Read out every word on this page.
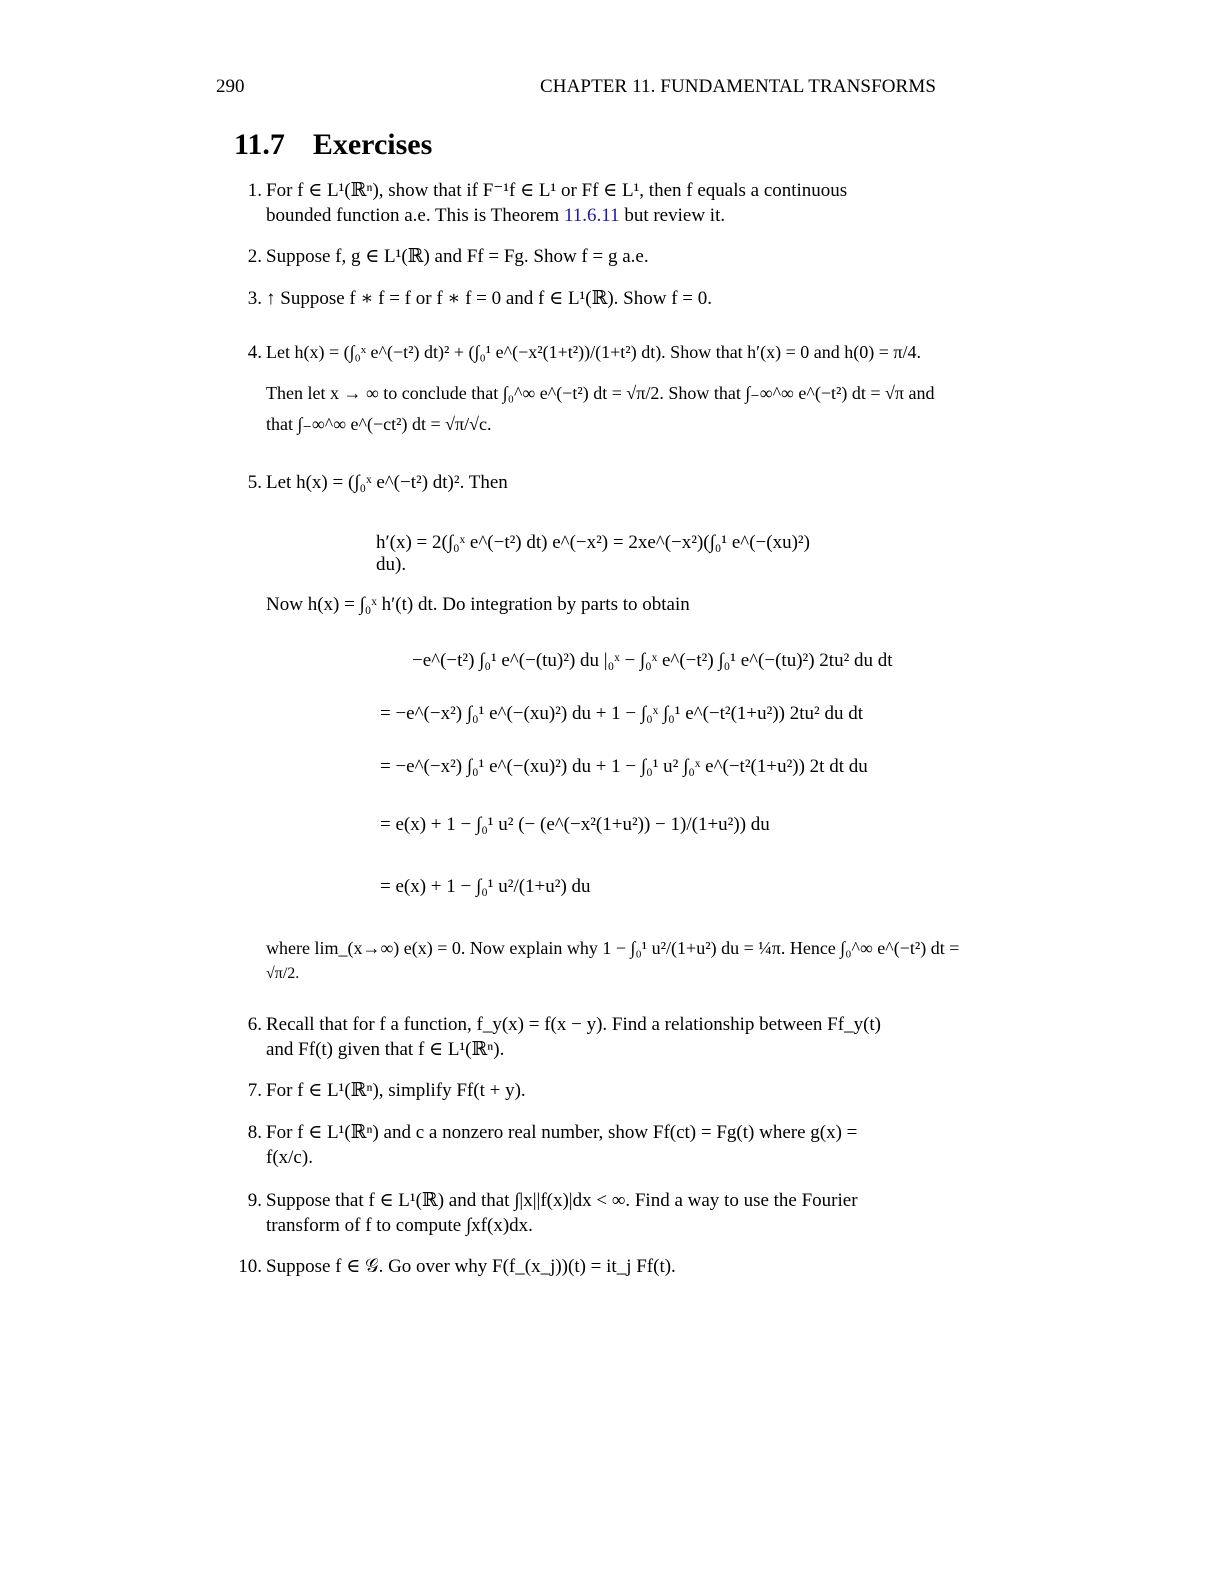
290	CHAPTER 11. FUNDAMENTAL TRANSFORMS
11.7 Exercises
1. For f ∈ L¹(ℝⁿ), show that if F⁻¹f ∈ L¹ or Ff ∈ L¹, then f equals a continuous
bounded function a.e. This is Theorem 11.6.11 but review it.
2. Suppose f, g ∈ L¹(ℝ) and Ff = Fg. Show f = g a.e.
3. ↑ Suppose f ∗ f = f or f ∗ f = 0 and f ∈ L¹(ℝ). Show f = 0.
4. Let h(x) = (∫₀ˣ e^(−t²) dt)² + (∫₀¹ e^(−x²(1+t²))/(1+t²) dt). Show that h′(x) = 0 and h(0) = π/4.
Then let x → ∞ to conclude that ∫₀^∞ e^(−t²) dt = √π/2. Show that ∫₋∞^∞ e^(−t²) dt = √π and
that ∫₋∞^∞ e^(−ct²) dt = √π/√c.
5. Let h(x) = (∫₀ˣ e^(−t²) dt)². Then
h′(x) = 2(∫₀ˣ e^(−t²) dt) e^(−x²) = 2xe^(−x²)(∫₀¹ e^(−(xu)²) du).
Now h(x) = ∫₀ˣ h′(t) dt. Do integration by parts to obtain
−e^(−t²) ∫₀¹ e^(−(tu)²) du |₀ˣ − ∫₀ˣ e^(−t²) ∫₀¹ e^(−(tu)²) 2tu² du dt
= −e^(−x²) ∫₀¹ e^(−(xu)²) du + 1 − ∫₀ˣ ∫₀¹ e^(−t²(1+u²)) 2tu² du dt
= −e^(−x²) ∫₀¹ e^(−(xu)²) du + 1 − ∫₀¹ u² ∫₀ˣ e^(−t²(1+u²)) 2t dt du
= e(x) + 1 − ∫₀¹ u² (− (e^(−x²(1+u²)) − 1)/(1+u²)) du
= e(x) + 1 − ∫₀¹ u²/(1+u²) du
where lim_(x→∞) e(x) = 0. Now explain why 1 − ∫₀¹ u²/(1+u²) du = ¼π. Hence ∫₀^∞ e^(−t²) dt =
√π/2.
6. Recall that for f a function, f_y(x) = f(x − y). Find a relationship between Ff_y(t)
and Ff(t) given that f ∈ L¹(ℝⁿ).
7. For f ∈ L¹(ℝⁿ), simplify Ff(t + y).
8. For f ∈ L¹(ℝⁿ) and c a nonzero real number, show Ff(ct) = Fg(t) where g(x) =
f(x/c).
9. Suppose that f ∈ L¹(ℝ) and that ∫|x||f(x)|dx < ∞. Find a way to use the Fourier
transform of f to compute ∫xf(x)dx.
10. Suppose f ∈ 𝒢. Go over why F(f_(x_j))(t) = it_j Ff(t).
